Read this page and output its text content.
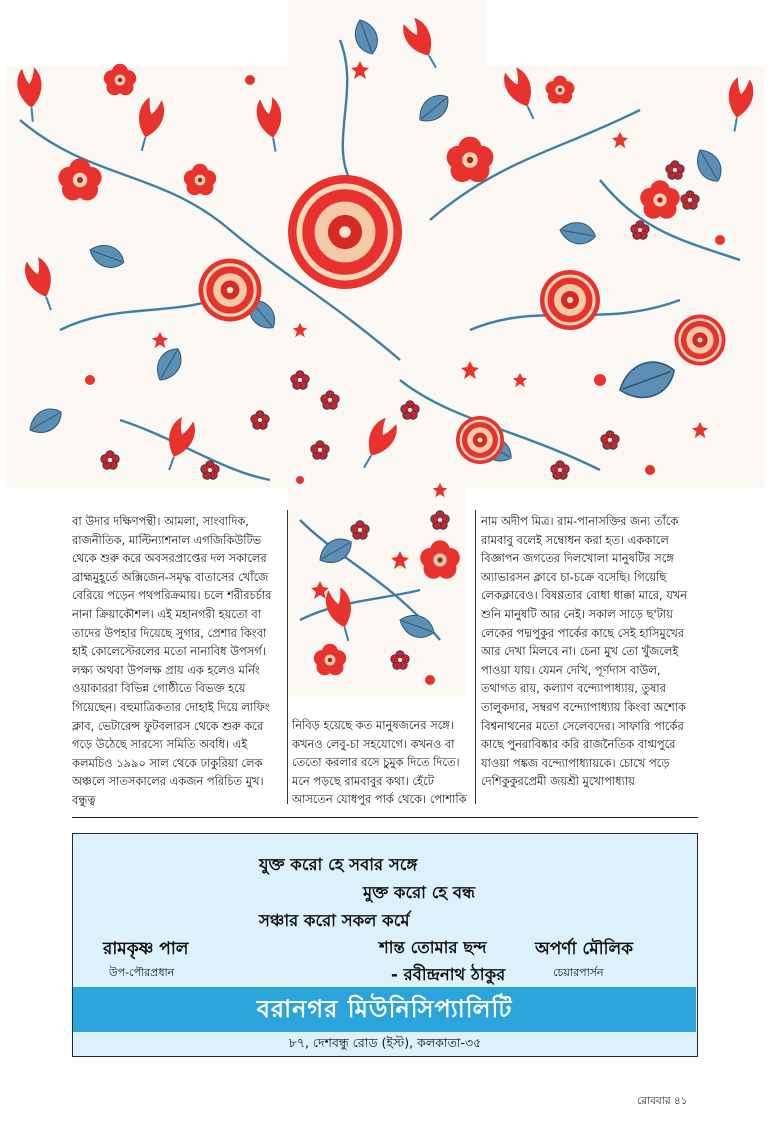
বা উদার দক্ষিণপন্থী। আমলা, সাংবাদিক, রাজনীতিক, মাল্টিন্যাশনাল এগজিকিউটিভ থেকে শুরু করে অবসরপ্রাপ্তের দল সকালের ব্রাহ্মমুহূর্তে অক্সিজেন-সমৃদ্ধ বাতাসের খোঁজে বেরিয়ে পড়েন পথপরিক্রমায়। চলে শরীরচর্চার নানা ক্রিয়াকৌশল। এই মহানগরী হয়তো বা তাদের উপহার দিয়েছে সুগার, প্রেশার কিংবা হাই কোলেস্টেরলের মতো নানাবিধ উপসর্গ। লক্ষ্য অথবা উপলক্ষ প্রায় এক হলেও মর্নিং ওয়াকাররা বিভিন্ন গোষ্ঠীতে বিভক্ত হয়ে গিয়েছেন। বহুমাত্রিকতার দোহাই দিয়ে লাফিং ক্লাব, ভেটারেন্স ফুটবলারস থেকে শুরু করে গড়ে উঠেছে সারস্যে সমিতি অবধি। এই কলমচিও ১৯৯০ সাল থেকে ঢাকুরিয়া লেক অঞ্চলে সাতসকালের একজন পরিচিত মুখ। বন্ধুত্ব
নিবিড় হয়েছে কত মানুষজনের সঙ্গে। কখনও লেবু-চা সহযোগে। কখনও বা তেতো করলার রসে চুমুক দিতে দিতে। মনে পড়ছে রামবাবুর কথা। হেঁটে আসতেন যোধপুর পার্ক থেকে। পোশাকি
নাম অদীপ মিত্র। রাম-পানাসক্তির জন্য তাঁকে রামবাবু বলেই সম্বোধন করা হত। এককালে বিজ্ঞাপন জগতের দিলখোলা মানুষটির সঙ্গে অ্যাভারসন ক্লাবে চা-চক্রে বসেছি। গিয়েছি লেকক্লাবেও। বিষণ্ণতার বোধা ধাক্কা মারে, যখন শুনি মানুষটি আর নেই। সকাল সাড়ে ছ'টায় লেকের পদ্মপুকুর পার্কের কাছে সেই হাসিমুখের আর দেখা মিলবে না। চেনা মুখ তো খুঁজলেই পাওয়া যায়। যেমন দেখি, পূর্ণদাস বাউল, তথাগত রায়, কল্যাণ বন্দ্যোপাধ্যায়, তুষার তালুকদার, সম্বরণ বন্দ্যোপাধ্যায় কিংবা অশোক বিশ্বনাথনের মতো সেলেবদের। সাফারি পার্কের কাছে পুনরাবিষ্কার করি রাজনৈতিক বাগ্মপুরে যাওয়া পঙ্কজ বন্দ্যোপাধ্যায়কে। চোখে পড়ে দেশিকুকুরপ্রেমী জয়শ্রী মুখোপাধ্যায়
যুক্ত করো হে সবার সঙ্গে
মুক্ত করো হে বন্ধ
সঞ্চার করো সকল কর্মে
শান্ত তোমার ছন্দ
- রবীন্দ্রনাথ ঠাকুর
রামকৃষ্ণ পাল
উপ-পৌরপ্রধান
অপর্ণা মৌলিক
চেয়ারপার্সন
বরানগর মিউনিসিপ্যালিটি
৮৭, দেশবন্ধু রোড (ইস্ট), কলকাতা-৩৫
রোববার ৪১
